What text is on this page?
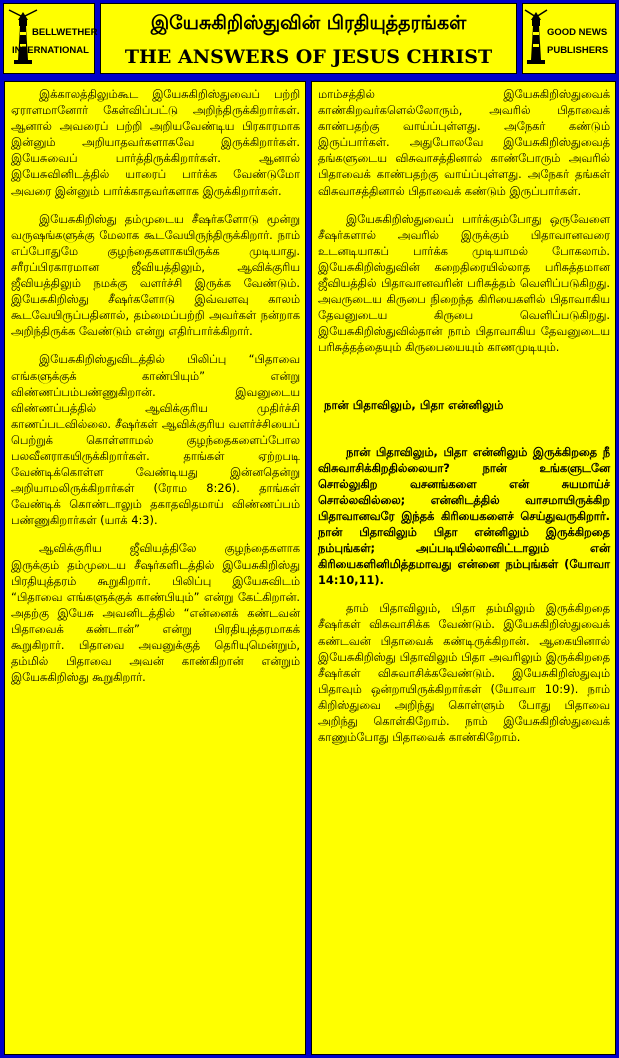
BELLWETHER
INTERNATIONAL
இயேசுகிறிஸ்துவின் பிரதியுத்தரங்கள்
THE ANSWERS OF JESUS CHRIST
GOOD NEWS
PUBLISHERS

இக்காலத்திலும்கூட இயேசுகிறிஸ்துவைப் பற்றி ஏராளமானோர் கேள்விப்பட்டு அறிந்திருக்கிறார்கள். ஆனால் அவரைப் பற்றி அறியவேண்டிய பிரகாரமாக இன்னும் அறியாதவர்களாகவே இருக்கிறார்கள். இயேசுவைப் பார்த்திருக்கிறார்கள். ஆனால் இயேசுவினிடத்தில் யாரைப் பார்க்க வேண்டுமோ அவரை இன்னும் பார்க்காதவர்களாக இருக்கிறார்கள்.

இயேசுகிறிஸ்து தம்முடைய சீஷர்களோடு மூன்று வருஷங்களுக்கு மேலாக கூடவேயிருந்திருக்கிறார். நாம் எப்போதுமே குழந்தைகளாகயிருக்க முடியாது. சரீரப்பிரகாரமான ஜீவியத்திலும், ஆவிக்குரிய ஜீவியத்திலும் நமக்கு வளர்ச்சி இருக்க வேண்டும். இயேசுகிறிஸ்து சீஷர்களோடு இவ்வளவு காலம் கூடவேயிருப்பதினால், தம்மைப்பற்றி அவர்கள் நன்றாக அறிந்திருக்க வேண்டும் என்று எதிர்பார்க்கிறார்.

இயேசுகிறிஸ்துவிடத்தில் பிலிப்பு “பிதாவை எங்களுக்குக் காண்பியும்” என்று விண்ணப்பம்பண்ணுகிறான். இவனுடைய விண்ணப்பத்தில் ஆவிக்குரிய முதிர்ச்சி காணப்படவில்லை. சீஷர்கள் ஆவிக்குரிய வளர்ச்சியைப் பெற்றுக் கொள்ளாமல் குழந்தைகளைப்போல பலவீனராகயிருக்கிறார்கள். தாங்கள் ஏற்றபடி வேண்டிக்கொள்ள வேண்டியது இன்னதென்று அறியாமலிருக்கிறார்கள் (ரோம 8:26). தாங்கள் வேண்டிக் கொண்டாலும் தகாதவிதமாய் விண்ணப்பம் பண்ணுகிறார்கள் (யாக் 4:3).

ஆவிக்குரிய ஜீவியத்திலே குழந்தைகளாக இருக்கும் தம்முடைய சீஷர்களிடத்தில் இயேசுகிறிஸ்து பிரதியுத்தரம் கூறுகிறார். பிலிப்பு இயேசுவிடம் “பிதாவை எங்களுக்குக் காண்பியும்” என்று கேட்கிறான். அதற்கு இயேசு அவனிடத்தில் “என்னைக் கண்டவன் பிதாவைக் கண்டான்” என்று பிரதியுத்தரமாகக் கூறுகிறார். பிதாவை அவனுக்குத் தெரியுமென்றும், தம்மில் பிதாவை அவன் காண்கிறான் என்றும் இயேசுகிறிஸ்து கூறுகிறார்.

மாம்சத்தில் இயேசுகிறிஸ்துவைக் காண்கிறவர்களெல்லோரும், அவரில் பிதாவைக் காண்பதற்கு வாய்ப்புள்ளது. அநேகர் கண்டும் இருப்பார்கள். அதுபோலவே இயேசுகிறிஸ்துவைத் தங்களுடைய விசுவாசத்தினால் காண்போரும் அவரில் பிதாவைக் காண்பதற்கு வாய்ப்புள்ளது. அநேகர் தங்கள் விசுவாசத்தினால் பிதாவைக் கண்டும் இருப்பார்கள்.

இயேசுகிறிஸ்துவைப் பார்க்கும்போது ஒருவேளை சீஷர்களால் அவரில் இருக்கும் பிதாவானவரை உடனடியாகப் பார்க்க முடியாமல் போகலாம். இயேசுகிறிஸ்துவின் கறைதிரையில்லாத பரிசுத்தமான ஜீவியத்தில் பிதாவானவரின் பரிசுத்தம் வெளிப்படுகிறது. அவருடைய கிருபை நிறைந்த கிரியைகளில் பிதாவாகிய தேவனுடைய கிருபை வெளிப்படுகிறது. இயேசுகிறிஸ்துவில்தான் நாம் பிதாவாகிய தேவனுடைய பரிசுத்தத்தையும் கிருபையையும் காணமுடியும்.

நான் பிதாவிலும், பிதா என்னிலும்

நான் பிதாவிலும், பிதா என்னிலும் இருக்கிறதை நீ விசுவாசிக்கிறதில்லையா? நான் உங்களுடனே சொல்லுகிற வசனங்களை என் சுயமாய்ச் சொல்லவில்லை; என்னிடத்தில் வாசமாயிருக்கிற பிதாவானவரே இந்தக் கிரியைகளைச் செய்துவருகிறார். நான் பிதாவிலும் பிதா என்னிலும் இருக்கிறதை நம்புங்கள்; அப்படியில்லாவிட்டாலும் என் கிரியைகளினிமித்தமாவது என்னை நம்புங்கள் (யோவா 14:10,11).

தாம் பிதாவிலும், பிதா தம்மிலும் இருக்கிறதை சீஷர்கள் விசுவாசிக்க வேண்டும். இயேசுகிறிஸ்துவைக் கண்டவன் பிதாவைக் கண்டிருக்கிறான். ஆகையினால் இயேசுகிறிஸ்து பிதாவிலும் பிதா அவரிலும் இருக்கிறதை சீஷர்கள் விசுவாசிக்கவேண்டும். இயேசுகிறிஸ்துவும் பிதாவும் ஒன்றாயிருக்கிறார்கள் (யோவா 10:9). நாம் கிறிஸ்துவை அறிந்து கொள்ளும் போது பிதாவை அறிந்து கொள்கிறோம். நாம் இயேசுகிறிஸ்துவைக் காணும்போது பிதாவைக் காண்கிறோம்.
